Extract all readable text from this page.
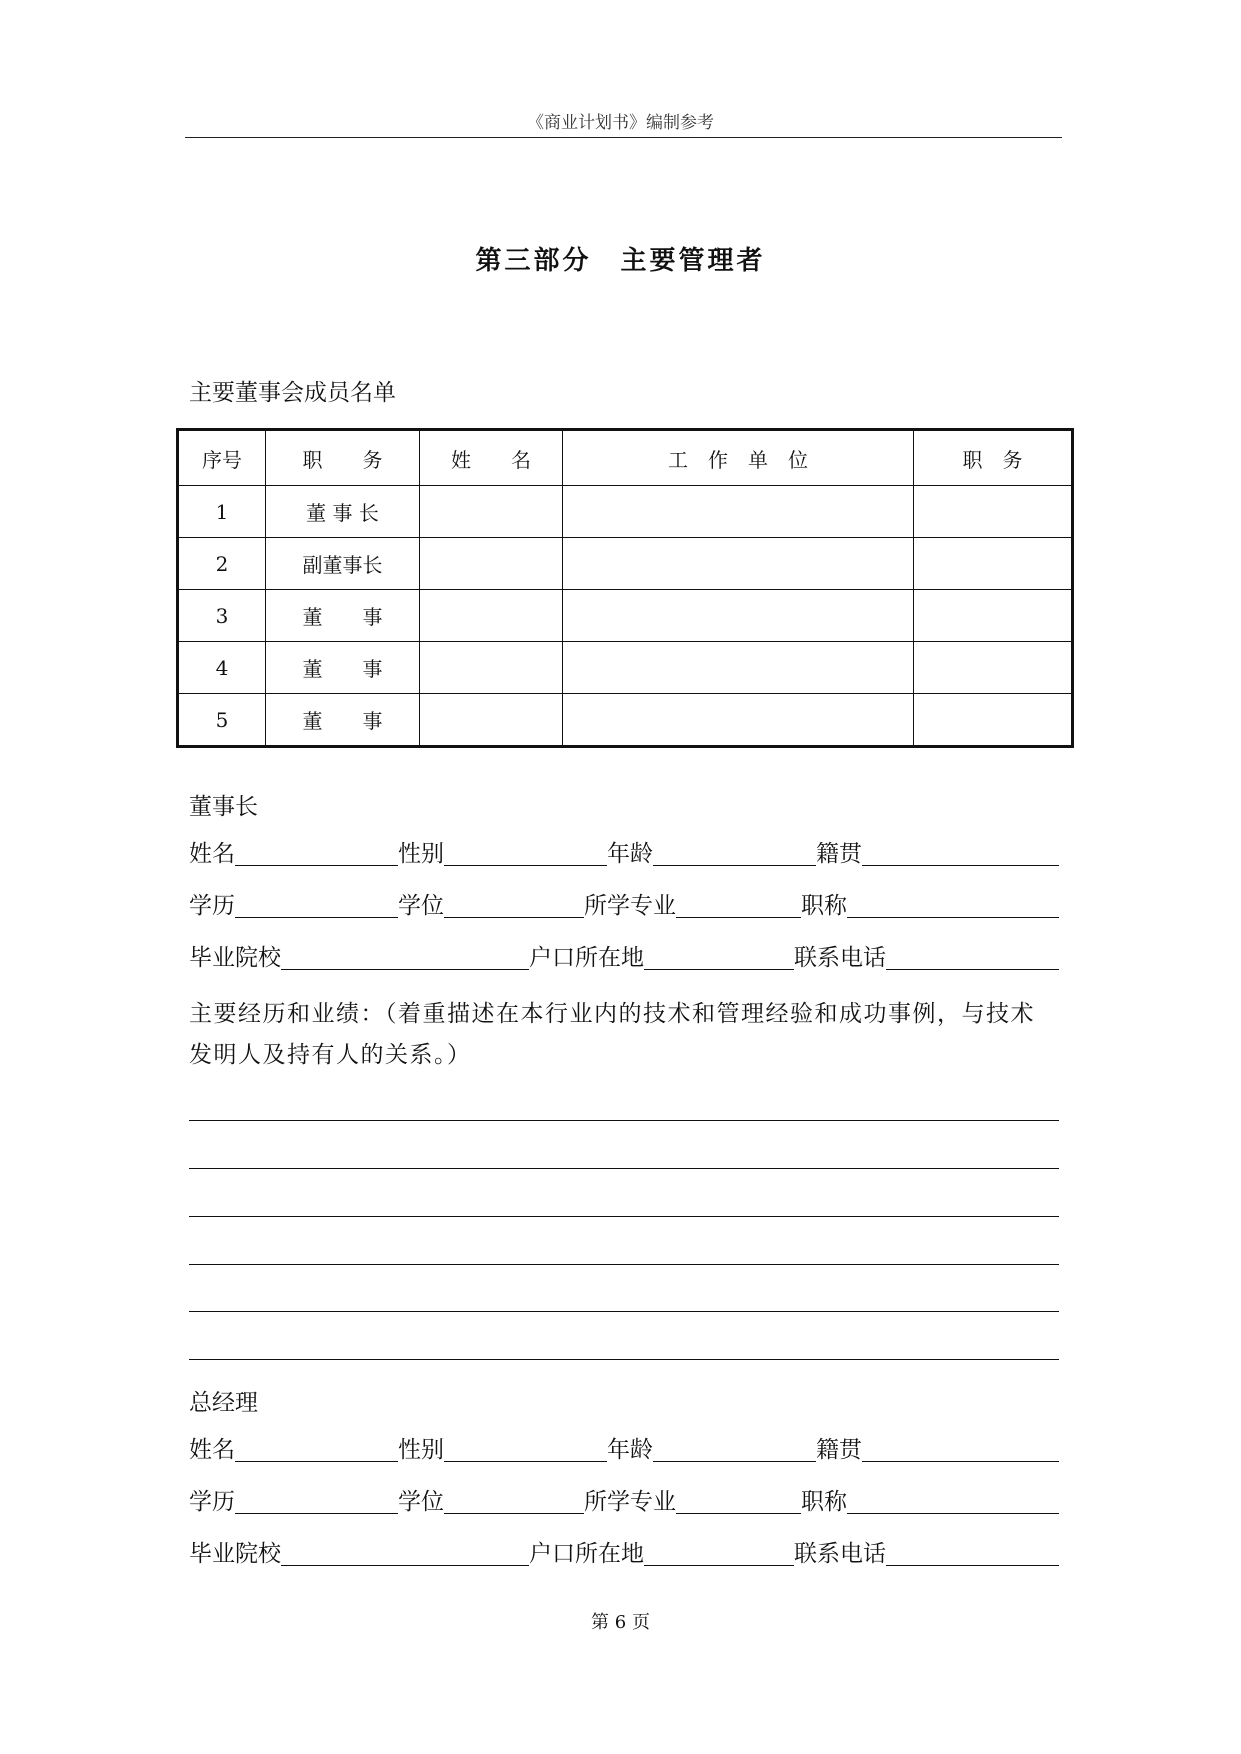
《商业计划书》编制参考
第三部分　主要管理者
主要董事会成员名单
序号	职　　务	姓　　名	工　作　单　位	职　务
1	董 事 长			
2	副董事长			
3	董　　事			
4	董　　事			
5	董　　事			
董事长
姓名	性别	年龄	籍贯
学历	学位	所学专业	职称
毕业院校	户口所在地	联系电话
主要经历和业绩：（着重描述在本行业内的技术和管理经验和成功事例，与技术发明人及持有人的关系。）
总经理
姓名	性别	年龄	籍贯
学历	学位	所学专业	职称
毕业院校	户口所在地	联系电话
第 6 页
